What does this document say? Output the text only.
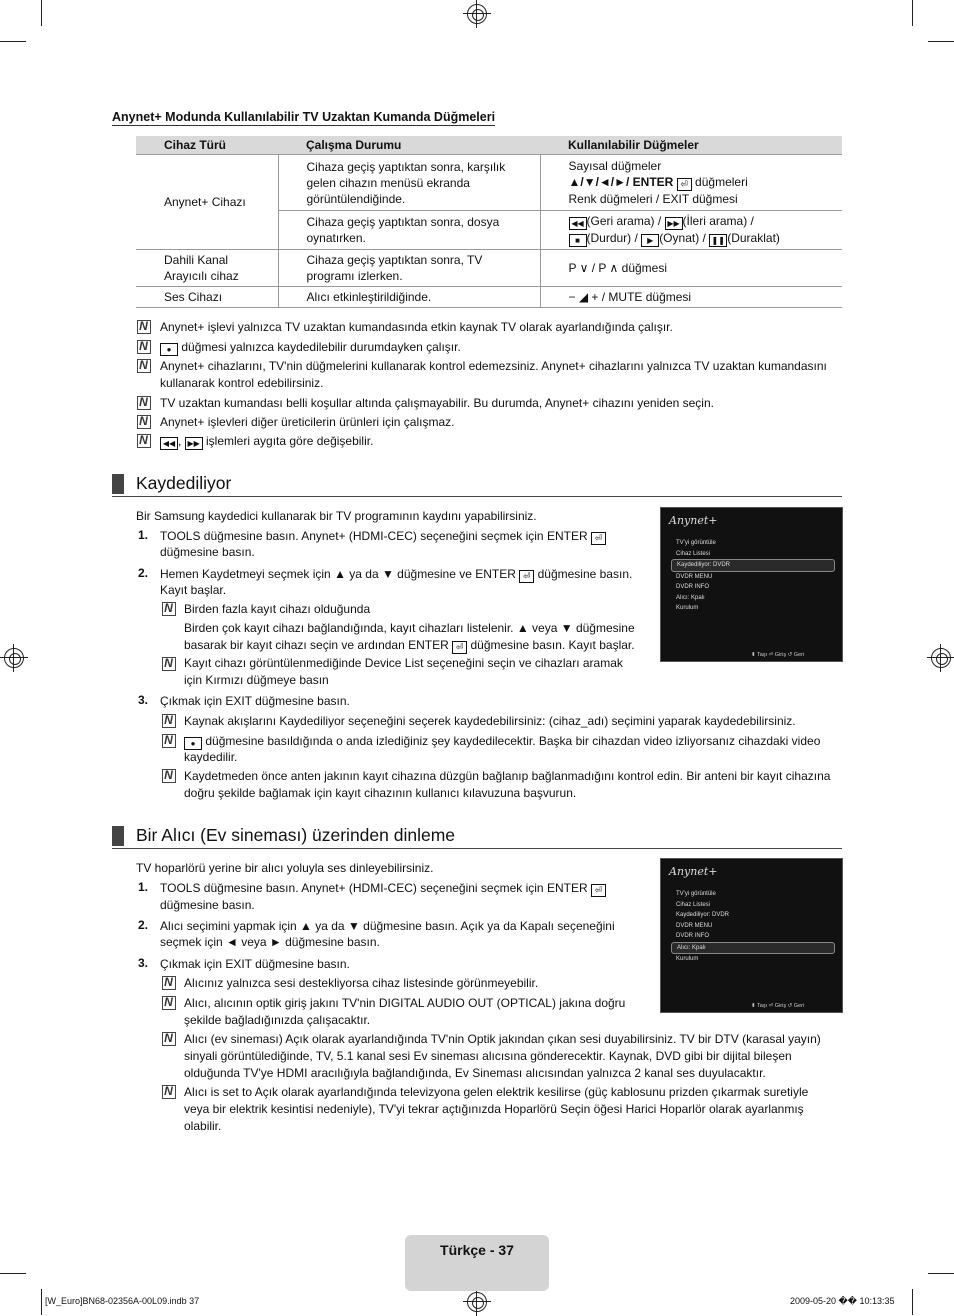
Anynet+ Modunda Kullanılabilir TV Uzaktan Kumanda Düğmeleri
Cihaz Türü	Çalışma Durumu	Kullanılabilir Düğmeler
Anynet+ Cihazı	Cihaza geçiş yaptıktan sonra, karşılık gelen cihazın menüsü ekranda görüntülendiğinde.	Sayısal düğmeler
▲/▼/◄/►/ ENTER ⏎ düğmeleri
Renk düğmeleri / EXIT düğmesi

	Cihaza geçiş yaptıktan sonra, dosya oynatırken.	◀◀ (Geri arama) / ▶▶ (İleri arama) /
■ (Durdur) / ▶ (Oynat) / ❚❚ (Duraklat)

Dahili Kanal Arayıcılı cihaz	Cihaza geçiş yaptıktan sonra, TV programı izlerken.	P ∨ / P ∧ düğmesi
Ses Cihazı	Alıcı etkinleştirildiğinde.	− ◢ + / MUTE düğmesi
N Anynet+ işlevi yalnızca TV uzaktan kumandasında etkin kaynak TV olarak ayarlandığında çalışır.
N	● düğmesi yalnızca kaydedilebilir durumdayken çalışır.
N Anynet+ cihazlarını, TV'nin düğmelerini kullanarak kontrol edemezsiniz. Anynet+ cihazlarını yalnızca TV uzaktan kumandasını
kullanarak kontrol edebilirsiniz.
N TV uzaktan kumandası belli koşullar altında çalışmayabilir. Bu durumda, Anynet+ cihazını yeniden seçin.
N Anynet+ işlevleri diğer üreticilerin ürünleri için çalışmaz.
N	◀◀ , ▶▶ işlemleri aygıta göre değişebilir.
Kaydediliyor
Bir Samsung kaydedici kullanarak bir TV programının kaydını yapabilirsiniz.
1. TOOLS düğmesine basın. Anynet+ (HDMI-CEC) seçeneğini seçmek için ENTER ⏎
düğmesine basın.
2. Hemen Kaydetmeyi seçmek için ▲ ya da ▼ düğmesine ve ENTER ⏎ düğmesine basın.
Kayıt başlar.
N Birden fazla kayıt cihazı olduğunda
Birden çok kayıt cihazı bağlandığında, kayıt cihazları listelenir. ▲ veya ▼ düğmesine
basarak bir kayıt cihazı seçin ve ardından ENTER ⏎ düğmesine basın. Kayıt başlar.
N Kayıt cihazı görüntülenmediğinde Device List seçeneğini seçin ve cihazları aramak
için Kırmızı düğmeye basın
3. Çıkmak için EXIT düğmesine basın.
N Kaynak akışlarını Kaydediliyor seçeneğini seçerek kaydedebilirsiniz: (cihaz_adı) seçimini yaparak kaydedebilirsiniz.
N	● düğmesine basıldığında o anda izlediğiniz şey kaydedilecektir. Başka bir cihazdan video izliyorsanız cihazdaki video
kaydedilir.
N Kaydetmeden önce anten jakının kayıt cihazına düzgün bağlanıp bağlanmadığını kontrol edin. Bir anteni bir kayıt cihazına
doğru şekilde bağlamak için kayıt cihazının kullanıcı kılavuzuna başvurun.
Anynet+
TV'yi görüntüle
Cihaz Listesi
Kaydediliyor: DVDR
DVDR MENU
DVDR INFO
Alıcı: Kpalı
Kurulum
⬍ Taşı ⏎ Giriş ↺ Geri
Bir Alıcı (Ev sineması) üzerinden dinleme
TV hoparlörü yerine bir alıcı yoluyla ses dinleyebilirsiniz.
1. TOOLS düğmesine basın. Anynet+ (HDMI-CEC) seçeneğini seçmek için ENTER ⏎
düğmesine basın.
2. Alıcı seçimini yapmak için ▲ ya da ▼ düğmesine basın. Açık ya da Kapalı seçeneğini
seçmek için ◄ veya ► düğmesine basın.
3. Çıkmak için EXIT düğmesine basın.
N Alıcınız yalnızca sesi destekliyorsa cihaz listesinde görünmeyebilir.
N Alıcı, alıcının optik giriş jakını TV'nin DIGITAL AUDIO OUT (OPTICAL) jakına doğru
şekilde bağladığınızda çalışacaktır.
N Alıcı (ev sineması) Açık olarak ayarlandığında TV'nin Optik jakından çıkan sesi duyabilirsiniz. TV bir DTV (karasal yayın)
sinyali görüntülediğinde, TV, 5.1 kanal sesi Ev sineması alıcısına gönderecektir. Kaynak, DVD gibi bir dijital bileşen
olduğunda TV'ye HDMI aracılığıyla bağlandığında, Ev Sineması alıcısından yalnızca 2 kanal ses duyulacaktır.
N Alıcı is set to Açık olarak ayarlandığında televizyona gelen elektrik kesilirse (güç kablosunu prizden çıkarmak suretiyle
veya bir elektrik kesintisi nedeniyle), TV'yi tekrar açtığınızda Hoparlörü Seçin öğesi Harici Hoparlör olarak ayarlanmış
olabilir.
Anynet+
TV'yi görüntüle
Cihaz Listesi
Kaydediliyor: DVDR
DVDR MENU
DVDR INFO
Alıcı: Kpalı
Kurulum
⬍ Taşı ⏎ Giriş ↺ Geri
Türkçe - 37
[W_Euro]BN68-02356A-00L09.indb 37	2009-05-20 �� 10:13:35
